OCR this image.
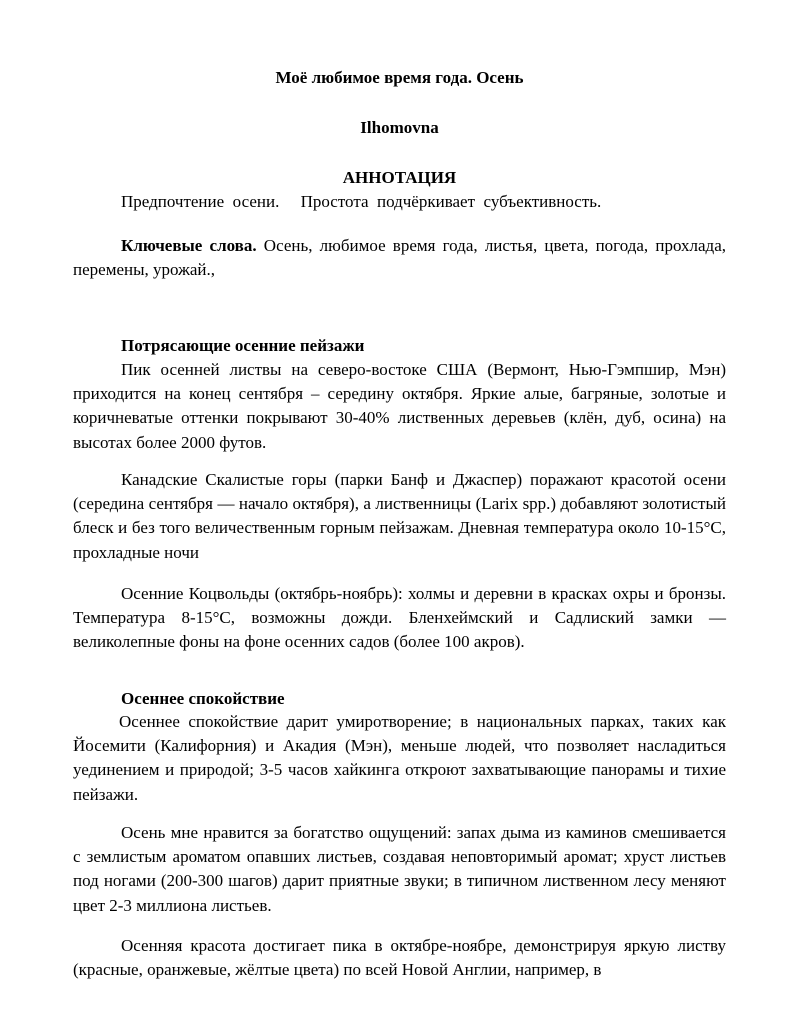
Моё любимое время года. Осень
Ilhomovna
АННОТАЦИЯ

Предпочтение  осени.     Простота  подчёркивает  субъективность.

Ключевые слова. Осень, любимое время года, листья, цвета, погода, прохлада, перемены, урожай.,

Потрясающие осенние пейзажи

Пик осенней листвы на северо-востоке США (Вермонт, Нью-Гэмпшир, Мэн) приходится на конец сентября – середину октября. Яркие алые, багряные, золотые и коричневатые оттенки покрывают 30-40% лиственных деревьев (клён, дуб, осина) на высотах более 2000 футов.

Канадские Скалистые горы (парки Банф и Джаспер) поражают красотой осени (середина сентября — начало октября), а лиственницы (Larix spp.) добавляют золотистый блеск и без того величественным горным пейзажам. Дневная температура около 10-15°C, прохладные ночи

Осенние Коцвольды (октябрь-ноябрь): холмы и деревни в красках охры и бронзы. Температура 8-15°C, возможны дожди. Бленхеймский и Садлиский замки — великолепные фоны на фоне осенних садов (более 100 акров).

Осеннее спокойствие

Осеннее спокойствие дарит умиротворение; в национальных парках, таких как Йосемити (Калифорния) и Акадия (Мэн), меньше людей, что позволяет насладиться уединением и природой; 3-5 часов хайкинга откроют захватывающие панорамы и тихие пейзажи.

Осень мне нравится за богатство ощущений: запах дыма из каминов смешивается с землистым ароматом опавших листьев, создавая неповторимый аромат; хруст листьев под ногами (200-300 шагов) дарит приятные звуки; в типичном лиственном лесу меняют цвет 2-3 миллиона листьев.

Осенняя красота достигает пика в октябре-ноябре, демонстрируя яркую листву (красные, оранжевые, жёлтые цвета) по всей Новой Англии, например, в
